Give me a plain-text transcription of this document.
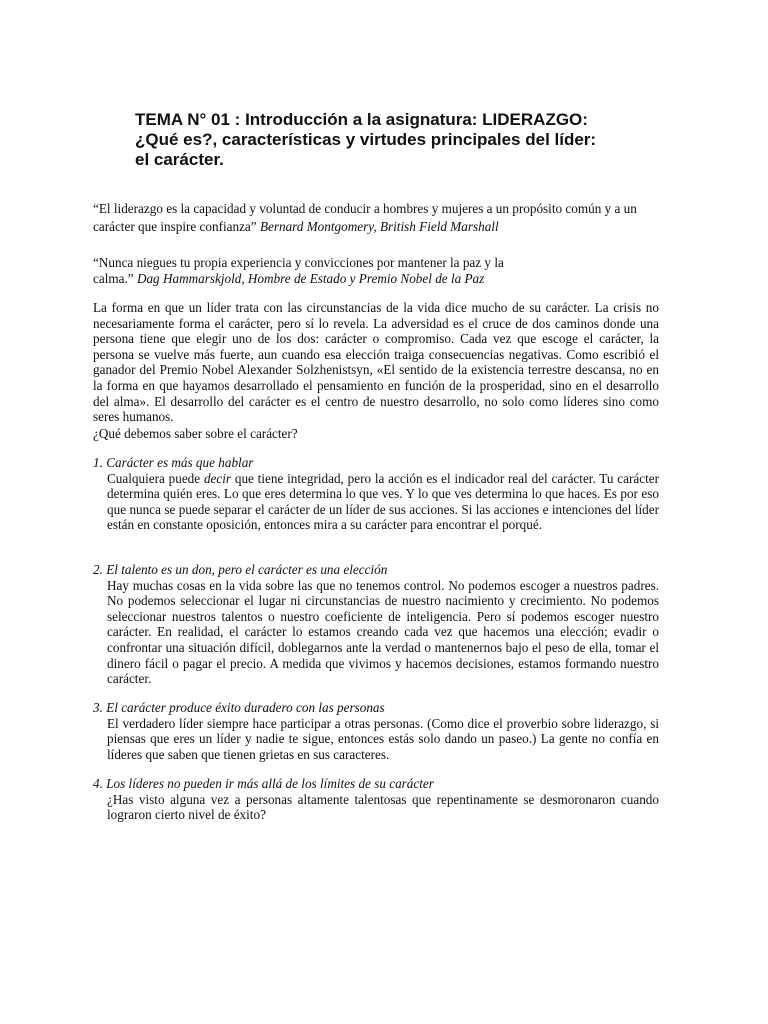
TEMA N° 01 : Introducción a la asignatura: LIDERAZGO:
¿Qué es?, características y virtudes principales del líder:
el carácter.

“El liderazgo es la capacidad y voluntad de conducir a hombres y mujeres a un propósito común y a un carácter que inspire confianza” Bernard Montgomery, British Field Marshall

“Nunca niegues tu propia experiencia y convicciones por mantener la paz y la
calma.” Dag Hammarskjold, Hombre de Estado y Premio Nobel de la Paz

La forma en que un líder trata con las circunstancias de la vida dice mucho de su carácter. La crisis no necesariamente forma el carácter, pero sí lo revela. La adversidad es el cruce de dos caminos donde una persona tiene que elegir uno de los dos: carácter o compromiso. Cada vez que escoge el carácter, la persona se vuelve más fuerte, aun cuando esa elección traiga consecuencias negativas. Como escribió el ganador del Premio Nobel Alexander Solzhenistsyn, «El sentido de la existencia terrestre descansa, no en la forma en que hayamos desarrollado el pensamiento en función de la prosperidad, sino en el desarrollo del alma». El desarrollo del carácter es el centro de nuestro desarrollo, no solo como líderes sino como seres humanos.

¿Qué debemos saber sobre el carácter?

1. Carácter es más que hablar

Cualquiera puede decir que tiene integridad, pero la acción es el indicador real del carácter. Tu carácter determina quién eres. Lo que eres determina lo que ves. Y lo que ves determina lo que haces. Es por eso que nunca se puede separar el carácter de un líder de sus acciones. Si las acciones e intenciones del líder están en constante oposición, entonces mira a su carácter para encontrar el porqué.

2. El talento es un don, pero el carácter es una elección

Hay muchas cosas en la vida sobre las que no tenemos control. No podemos escoger a nuestros padres. No podemos seleccionar el lugar ni circunstancias de nuestro nacimiento y crecimiento. No podemos seleccionar nuestros talentos o nuestro coeficiente de inteligencia. Pero sí podemos escoger nuestro carácter. En realidad, el carácter lo estamos creando cada vez que hacemos una elección; evadir o confrontar una situación difícil, doblegarnos ante la verdad o mantenernos bajo el peso de ella, tomar el dinero fácil o pagar el precio. A medida que vivimos y hacemos decisiones, estamos formando nuestro carácter.

3. El carácter produce éxito duradero con las personas

El verdadero líder siempre hace participar a otras personas. (Como dice el proverbio sobre liderazgo, si piensas que eres un líder y nadie te sigue, entonces estás solo dando un paseo.) La gente no confía en líderes que saben que tienen grietas en sus caracteres.

4. Los líderes no pueden ir más allá de los límites de su carácter

¿Has visto alguna vez a personas altamente talentosas que repentinamente se desmoronaron cuando lograron cierto nivel de éxito?
